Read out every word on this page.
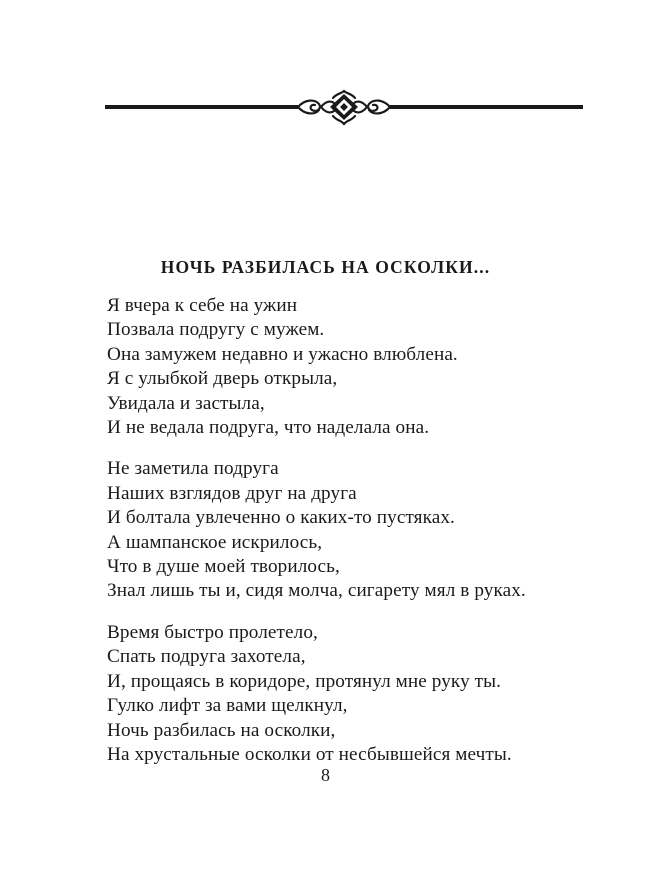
НОЧЬ РАЗБИЛАСЬ НА ОСКОЛКИ...
Я вчера к себе на ужин
Позвала подругу с мужем.
Она замужем недавно и ужасно влюблена.
Я с улыбкой дверь открыла,
Увидала и застыла,
И не ведала подруга, что наделала она.
Не заметила подруга
Наших взглядов друг на друга
И болтала увлеченно о каких-то пустяках.
А шампанское искрилось,
Что в душе моей творилось,
Знал лишь ты и, сидя молча, сигарету мял в руках.
Время быстро пролетело,
Спать подруга захотела,
И, прощаясь в коридоре, протянул мне руку ты.
Гулко лифт за вами щелкнул,
Ночь разбилась на осколки,
На хрустальные осколки от несбывшейся мечты.
8
